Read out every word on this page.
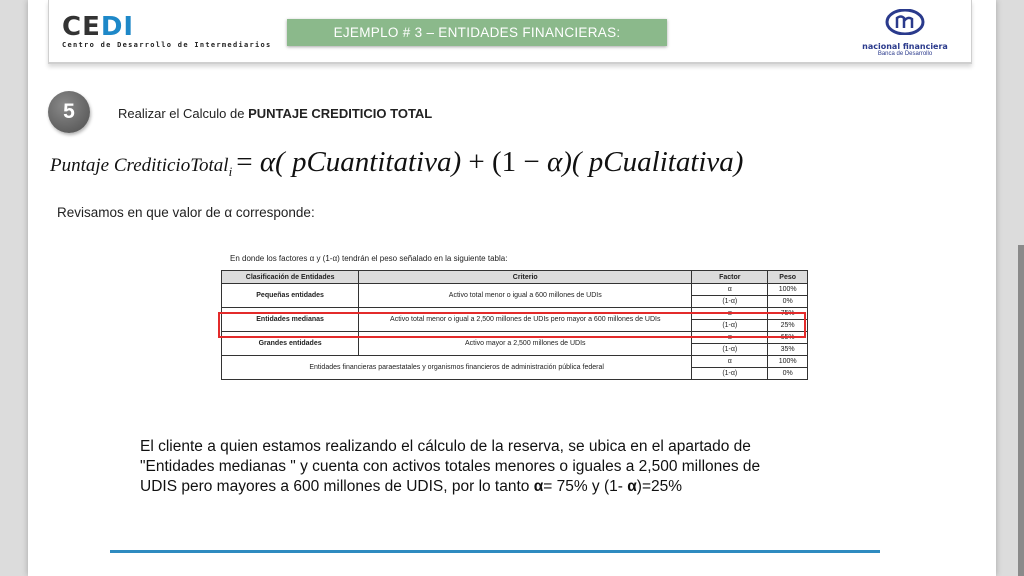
CEDI
Centro de Desarrollo de Intermediarios
EJEMPLO # 3 – ENTIDADES FINANCIERAS:
nacional financiera
Banca de Desarrollo
5	Realizar el Calculo de PUNTAJE CREDITICIO TOTAL
Puntaje CrediticioTotal$_i$ = α( pCuantitativa) + (1 − α)( pCualitativa)
Revisamos en que valor de α corresponde:
En donde los factores α y (1-α) tendrán el peso señalado en la siguiente tabla:
Clasificación de Entidades	Criterio	Factor	Peso
Pequeñas entidades	Activo total menor o igual a 600 millones de UDIs	α	100%
		(1-α)	0%
Entidades medianas	Activo total menor o igual a 2,500 millones de UDIs pero mayor a 600 millones de UDIs	α	75%
		(1-α)	25%
Grandes entidades	Activo mayor a 2,500 millones de UDIs	α	65%
		(1-α)	35%
Entidades financieras paraestatales y organismos financieros de administración pública federal		α	100%
		(1-α)	0%
El cliente a quien estamos realizando el cálculo de la reserva, se ubica en el apartado de
"Entidades medianas " y cuenta con activos totales menores o iguales a 2,500 millones de
UDIS pero mayores a 600 millones de UDIS, por lo tanto α= 75% y (1- α)=25%
